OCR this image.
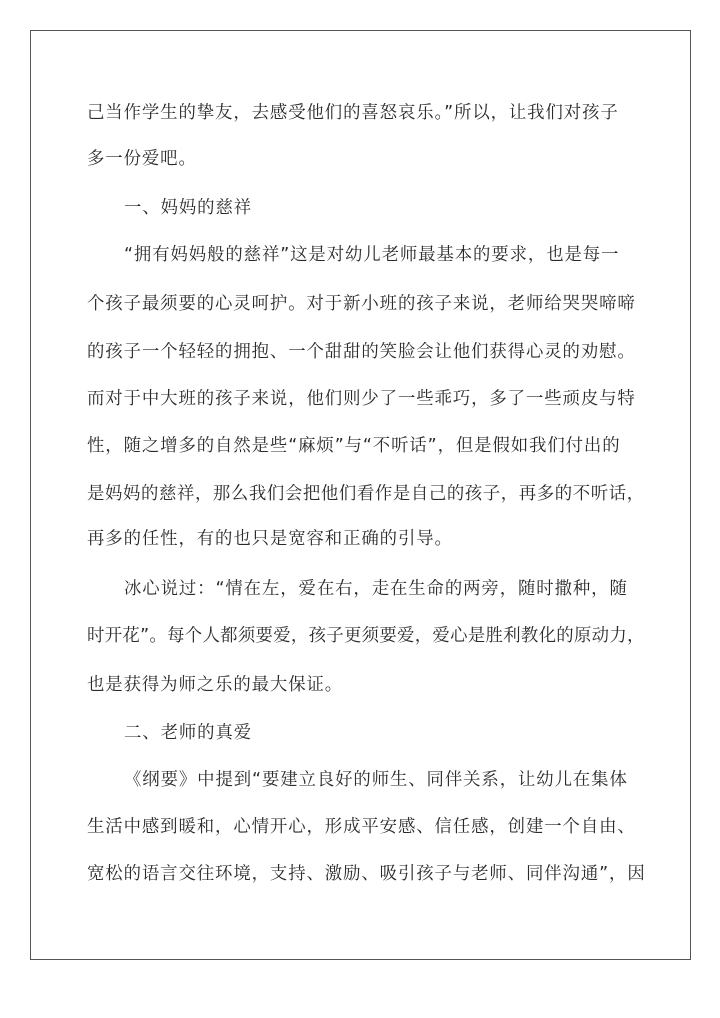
己当作学生的挚友，去感受他们的喜怒哀乐。”所以，让我们对孩子
多一份爱吧。
一、妈妈的慈祥
“拥有妈妈般的慈祥”这是对幼儿老师最基本的要求，也是每一
个孩子最须要的心灵呵护。对于新小班的孩子来说，老师给哭哭啼啼
的孩子一个轻轻的拥抱、一个甜甜的笑脸会让他们获得心灵的劝慰。
而对于中大班的孩子来说，他们则少了一些乖巧，多了一些顽皮与特
性，随之增多的自然是些“麻烦”与“不听话”，但是假如我们付出的
是妈妈的慈祥，那么我们会把他们看作是自己的孩子，再多的不听话，
再多的任性，有的也只是宽容和正确的引导。
冰心说过：“情在左，爱在右，走在生命的两旁，随时撒种，随
时开花”。每个人都须要爱，孩子更须要爱，爱心是胜利教化的原动力，
也是获得为师之乐的最大保证。
二、老师的真爱
《纲要》中提到“要建立良好的师生、同伴关系，让幼儿在集体
生活中感到暖和，心情开心，形成平安感、信任感，创建一个自由、
宽松的语言交往环境，支持、激励、吸引孩子与老师、同伴沟通”，因
